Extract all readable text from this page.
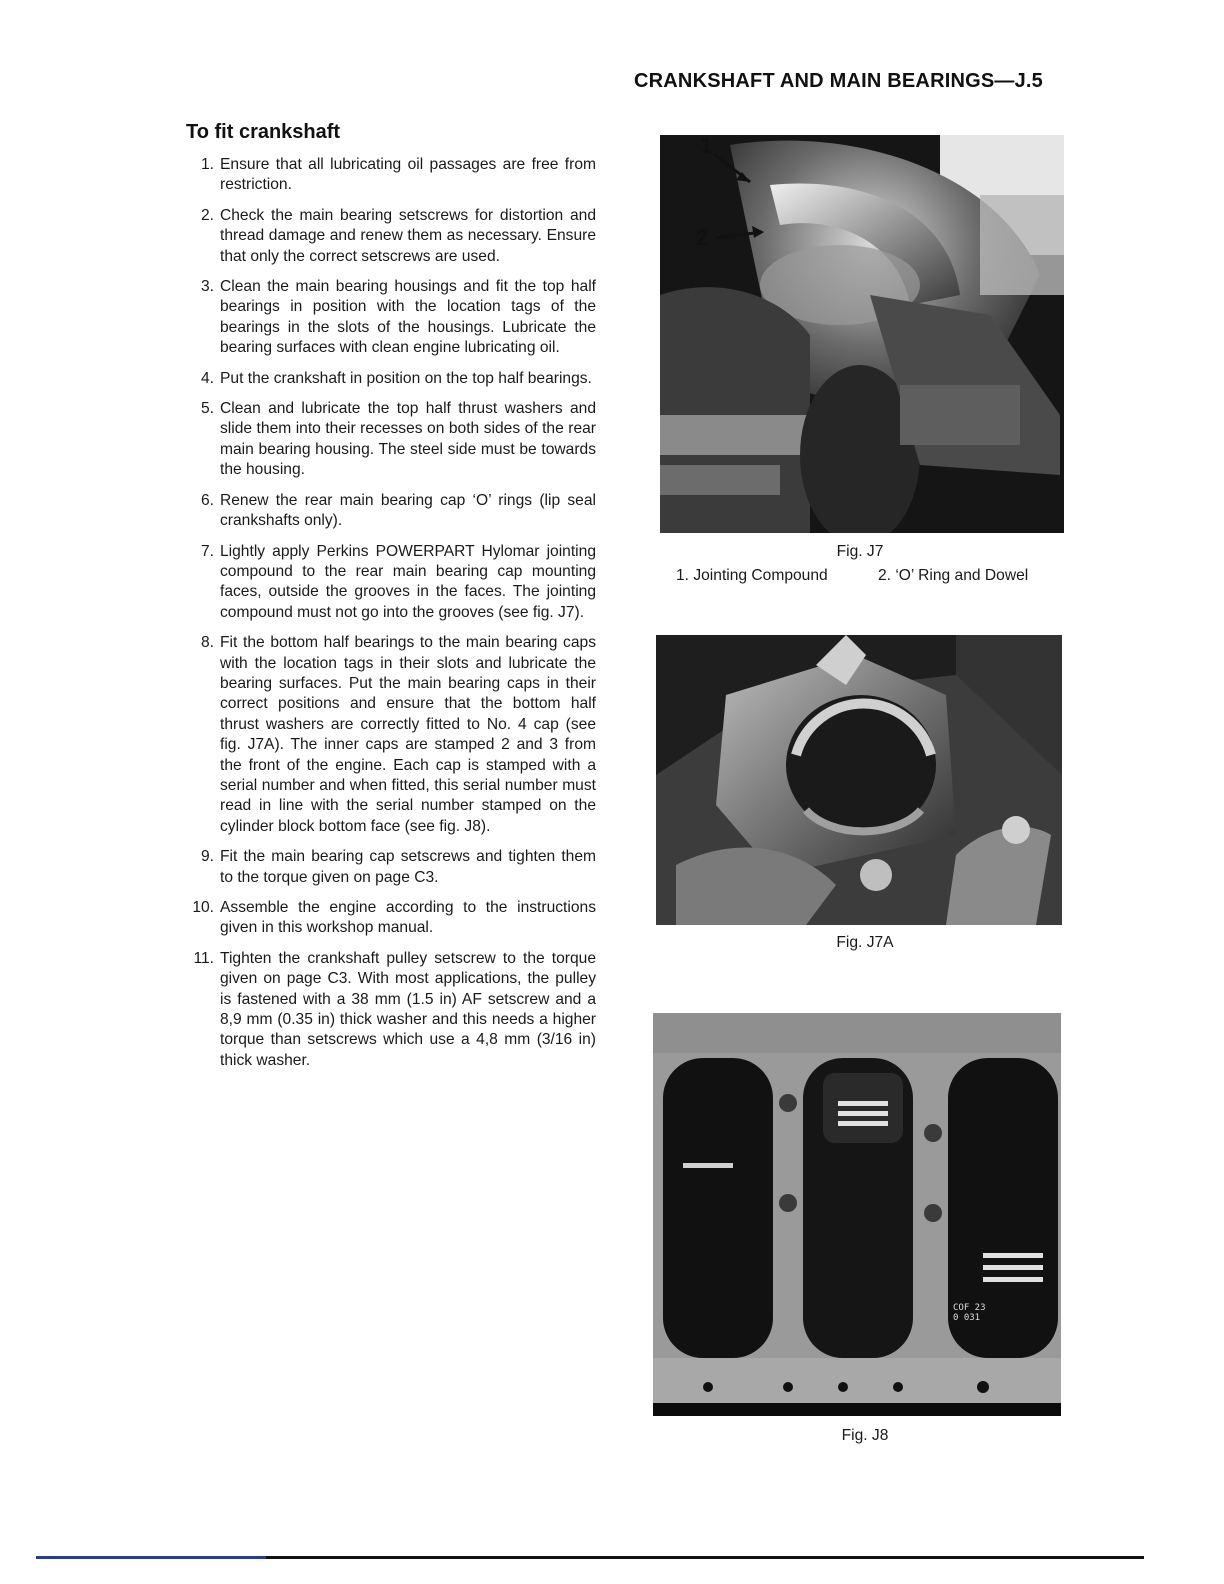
CRANKSHAFT AND MAIN BEARINGS—J.5
To fit crankshaft
1. Ensure that all lubricating oil passages are free from restriction.
2. Check the main bearing setscrews for distortion and thread damage and renew them as necessary. Ensure that only the correct setscrews are used.
3. Clean the main bearing housings and fit the top half bearings in position with the location tags of the bearings in the slots of the housings. Lubricate the bearing surfaces with clean engine lubricating oil.
4. Put the crankshaft in position on the top half bearings.
5. Clean and lubricate the top half thrust washers and slide them into their recesses on both sides of the rear main bearing housing. The steel side must be towards the housing.
6. Renew the rear main bearing cap ‘O’ rings (lip seal crankshafts only).
7. Lightly apply Perkins POWERPART Hylomar jointing compound to the rear main bearing cap mounting faces, outside the grooves in the faces. The jointing compound must not go into the grooves (see fig. J7).
8. Fit the bottom half bearings to the main bearing caps with the location tags in their slots and lubricate the bearing surfaces. Put the main bearing caps in their correct positions and ensure that the bottom half thrust washers are correctly fitted to No. 4 cap (see fig. J7A). The inner caps are stamped 2 and 3 from the front of the engine. Each cap is stamped with a serial number and when fitted, this serial number must read in line with the serial number stamped on the cylinder block bottom face (see fig. J8).
9. Fit the main bearing cap setscrews and tighten them to the torque given on page C3.
10. Assemble the engine according to the instructions given in this workshop manual.
11. Tighten the crankshaft pulley setscrew to the torque given on page C3. With most applications, the pulley is fastened with a 38 mm (1.5 in) AF setscrew and a 8,9 mm (0.35 in) thick washer and this needs a higher torque than setscrews which use a 4,8 mm (3/16 in) thick washer.
1
2
Fig. J7
1. Jointing Compound	2. ‘O’ Ring and Dowel
Fig. J7A
COF 230 031
Fig. J8
